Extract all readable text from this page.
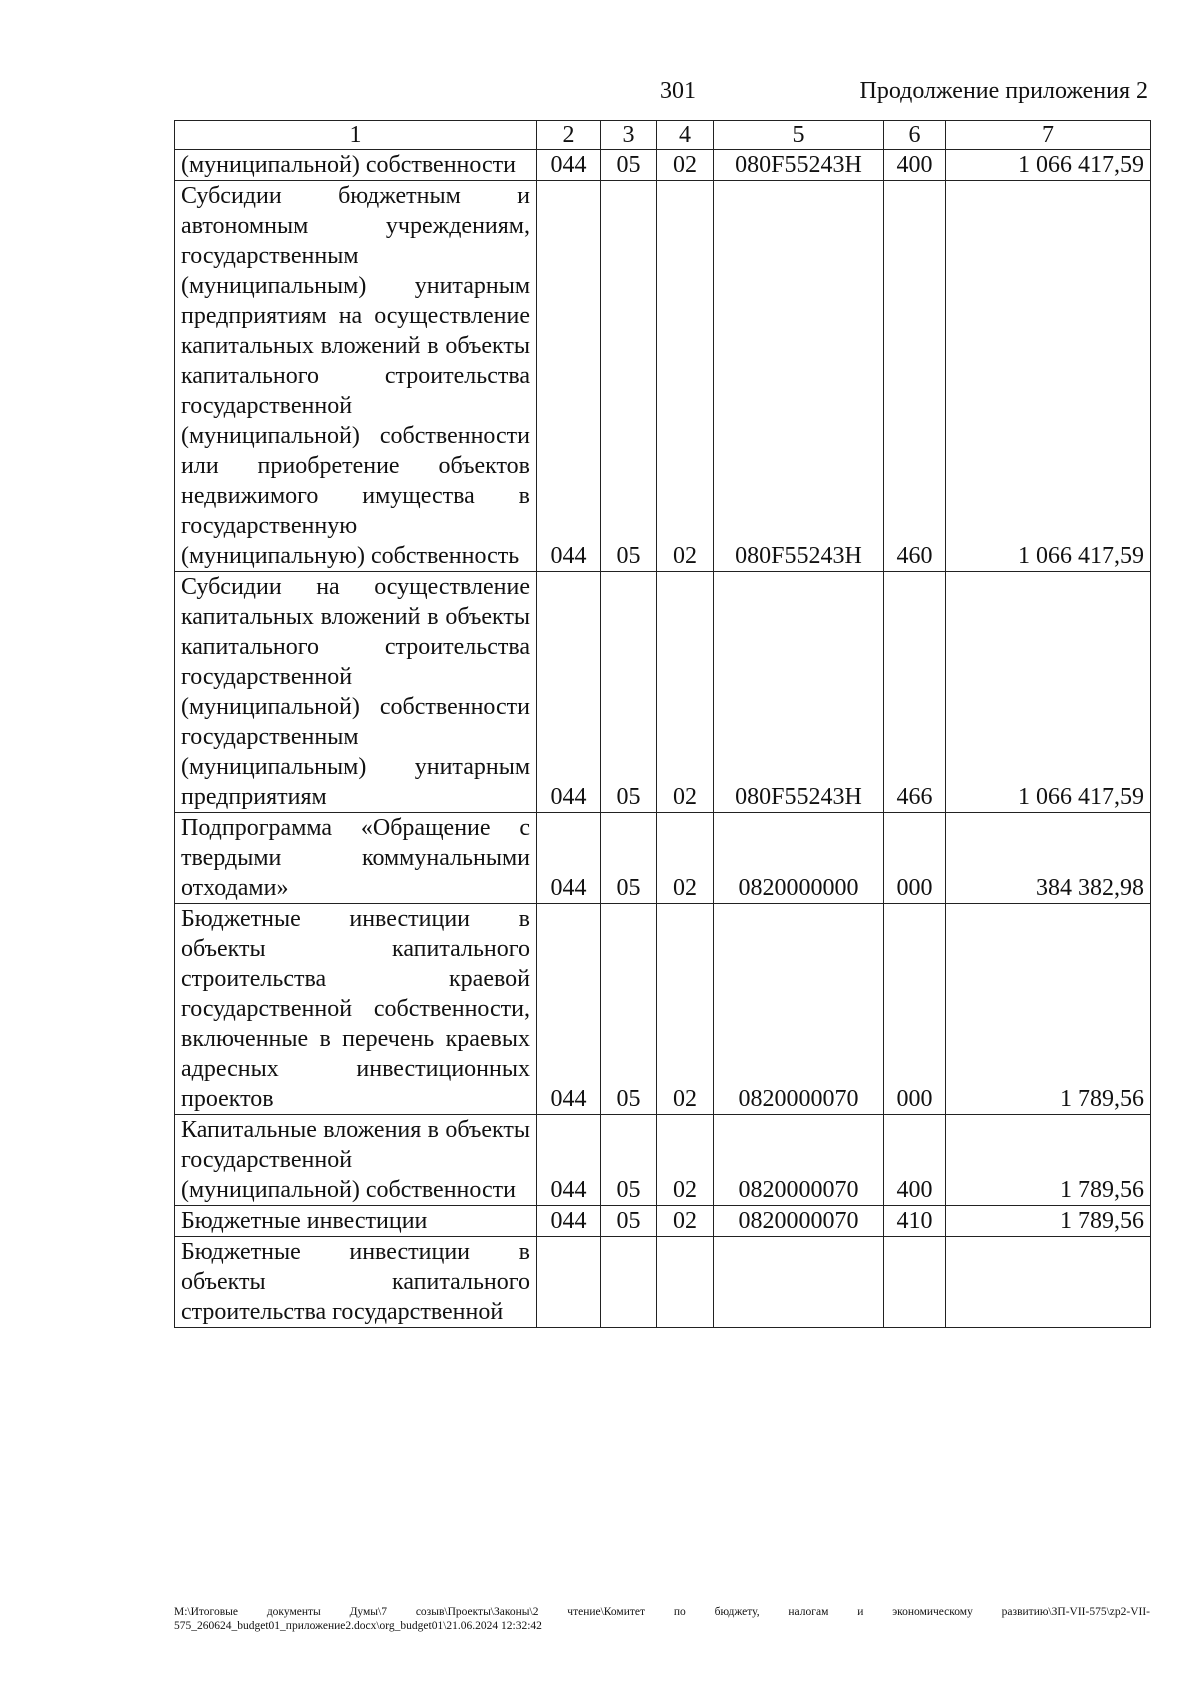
301	Продолжение приложения 2
1	2	3	4	5	6	7
(муниципальной) собственности	044	05	02	080F55243Н	400	1 066 417,59
Субсидии бюджетным и автономным учреждениям, государственным (муниципальным) унитарным предприятиям на осуществление капитальных вложений в объекты капитального строительства государственной (муниципальной) собственности или приобретение объектов недвижимого имущества в государственную (муниципальную) собственность	044	05	02	080F55243Н	460	1 066 417,59
Субсидии на осуществление капитальных вложений в объекты капитального строительства государственной (муниципальной) собственности государственным (муниципальным) унитарным предприятиям	044	05	02	080F55243Н	466	1 066 417,59
Подпрограмма «Обращение с твердыми коммунальными отходами»	044	05	02	0820000000	000	384 382,98
Бюджетные инвестиции в объекты капитального строительства краевой государственной собственности, включенные в перечень краевых адресных инвестиционных проектов	044	05	02	0820000070	000	1 789,56
Капитальные вложения в объекты государственной (муниципальной) собственности	044	05	02	0820000070	400	1 789,56
Бюджетные инвестиции	044	05	02	0820000070	410	1 789,56
Бюджетные инвестиции в объекты капитального строительства государственной						
М:\Итоговые документы Думы\7 созыв\Проекты\Законы\2 чтение\Комитет по бюджету, налогам и экономическому развитию\ЗП-VII-575\zp2-VII-575_260624_budget01_приложение2.docx\org_budget01\21.06.2024 12:32:42
